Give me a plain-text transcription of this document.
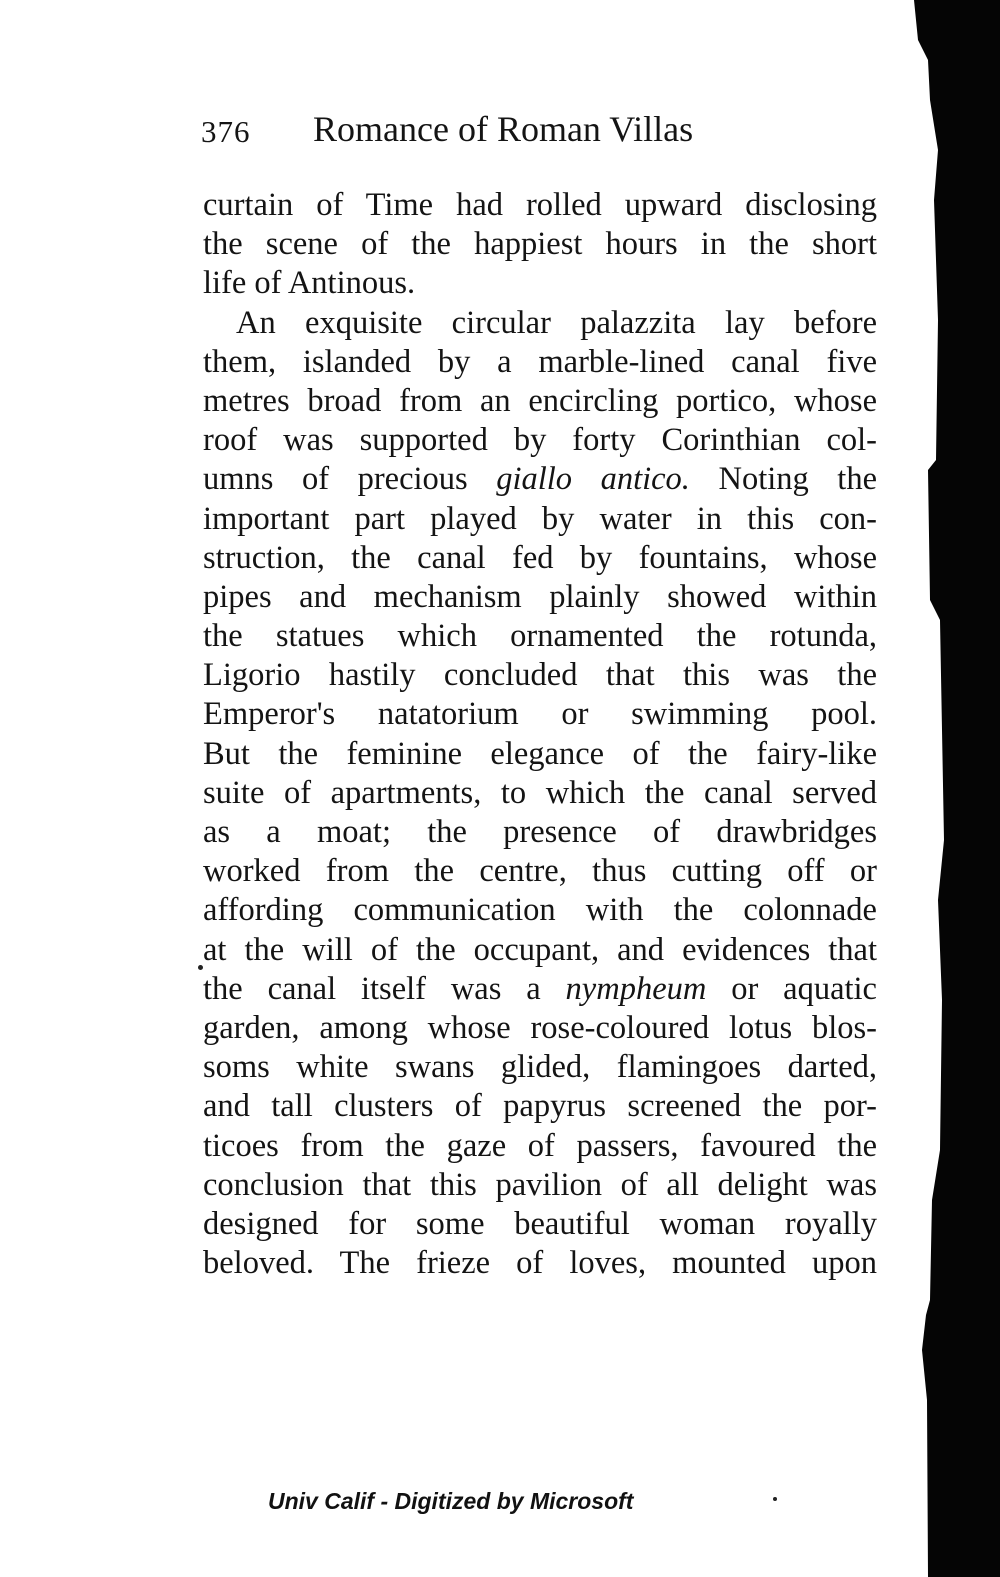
376 Romance of Roman Villas
curtain of Time had rolled upward disclosing
the scene of the happiest hours in the short
life of Antinous.
An exquisite circular palazzita lay before
them, islanded by a marble-lined canal five
metres broad from an encircling portico, whose
roof was supported by forty Corinthian col-
umns of precious giallo antico. Noting the
important part played by water in this con-
struction, the canal fed by fountains, whose
pipes and mechanism plainly showed within
the statues which ornamented the rotunda,
Ligorio hastily concluded that this was the
Emperor's natatorium or swimming pool.
But the feminine elegance of the fairy-like
suite of apartments, to which the canal served
as a moat; the presence of drawbridges
worked from the centre, thus cutting off or
affording communication with the colonnade
at the will of the occupant, and evidences that
the canal itself was a nympheum or aquatic
garden, among whose rose-coloured lotus blos-
soms white swans glided, flamingoes darted,
and tall clusters of papyrus screened the por-
ticoes from the gaze of passers, favoured the
conclusion that this pavilion of all delight was
designed for some beautiful woman royally
beloved. The frieze of loves, mounted upon
Univ Calif - Digitized by Microsoft
